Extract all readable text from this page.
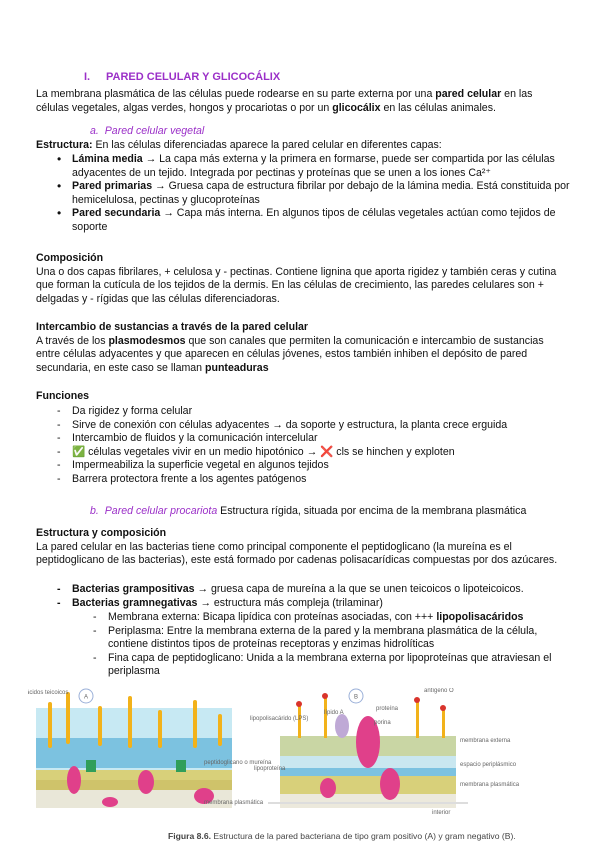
I. PARED CELULAR Y GLICOCÁLIX
La membrana plasmática de las células puede rodearse en su parte externa por una pared celular en las células vegetales, algas verdes, hongos y procariotas o por un glicocálix en las células animales.
a. Pared celular vegetal
Estructura: En las células diferenciadas aparece la pared celular en diferentes capas:
• Lámina media → La capa más externa y la primera en formarse, puede ser compartida por las células adyacentes de un tejido. Integrada por pectinas y proteínas que se unen a los iones Ca²⁺
• Pared primarias → Gruesa capa de estructura fibrilar por debajo de la lámina media. Está constituida por hemicelulosa, pectinas y glucoproteínas
• Pared secundaria → Capa más interna. En algunos tipos de células vegetales actúan como tejidos de soporte
Composición
Una o dos capas fibrilares, + celulosa y - pectinas. Contiene lignina que aporta rigidez y también ceras y cutina que forman la cutícula de los tejidos de la dermis. En las células de crecimiento, las paredes celulares son + delgadas y - rígidas que las células diferenciadoras.
Intercambio de sustancias a través de la pared celular
A través de los plasmodesmos que son canales que permiten la comunicación e intercambio de sustancias entre células adyacentes y que aparecen en células jóvenes, estos también inhiben el depósito de pared secundaria, en este caso se llaman punteaduras
Funciones
- Da rigidez y forma celular
- Sirve de conexión con células adyacentes → da soporte y estructura, la planta crece erguida
- Intercambio de fluidos y la comunicación intercelular
- ✅ células vegetales vivir en un medio hipotónico → ❌ cls se hinchen y exploten
- Impermeabiliza la superficie vegetal en algunos tejidos
- Barrera protectora frente a los agentes patógenos
b. Pared celular procariota Estructura rígida, situada por encima de la membrana plasmática
Estructura y composición
La pared celular en las bacterias tiene como principal componente el peptidoglicano (la mureína es el peptidoglicano de las bacterias), este está formado por cadenas polisacarídicas compuestas por dos azúcares.
- Bacterias grampositivas → gruesa capa de mureína a la que se unen teicoicos o lipoteicoicos.
- Bacterias gramnegativas → estructura más compleja (trilaminar)
- Membrana externa: Bicapa lipídica con proteínas asociadas, con +++ lipopolisacáridos
- Periplasma: Entre la membrana externa de la pared y la membrana plasmática de la célula, contiene distintos tipos de proteínas receptoras y enzimas hidrolíticas
- Fina capa de peptidoglicano: Unida a la membrana externa por lipoproteínas que atraviesan el periplasma
A
ácidos teicoicos
peptidoglicano o mureína
membrana plasmática
B
lipopolisacárido (LPS)
porina
lípido A
proteína
antígeno O
membrana externa
espacio periplásmico
lipoproteína
membrana plasmática
interior
Figura 8.6. Estructura de la pared bacteriana de tipo gram positivo (A) y gram negativo (B).
